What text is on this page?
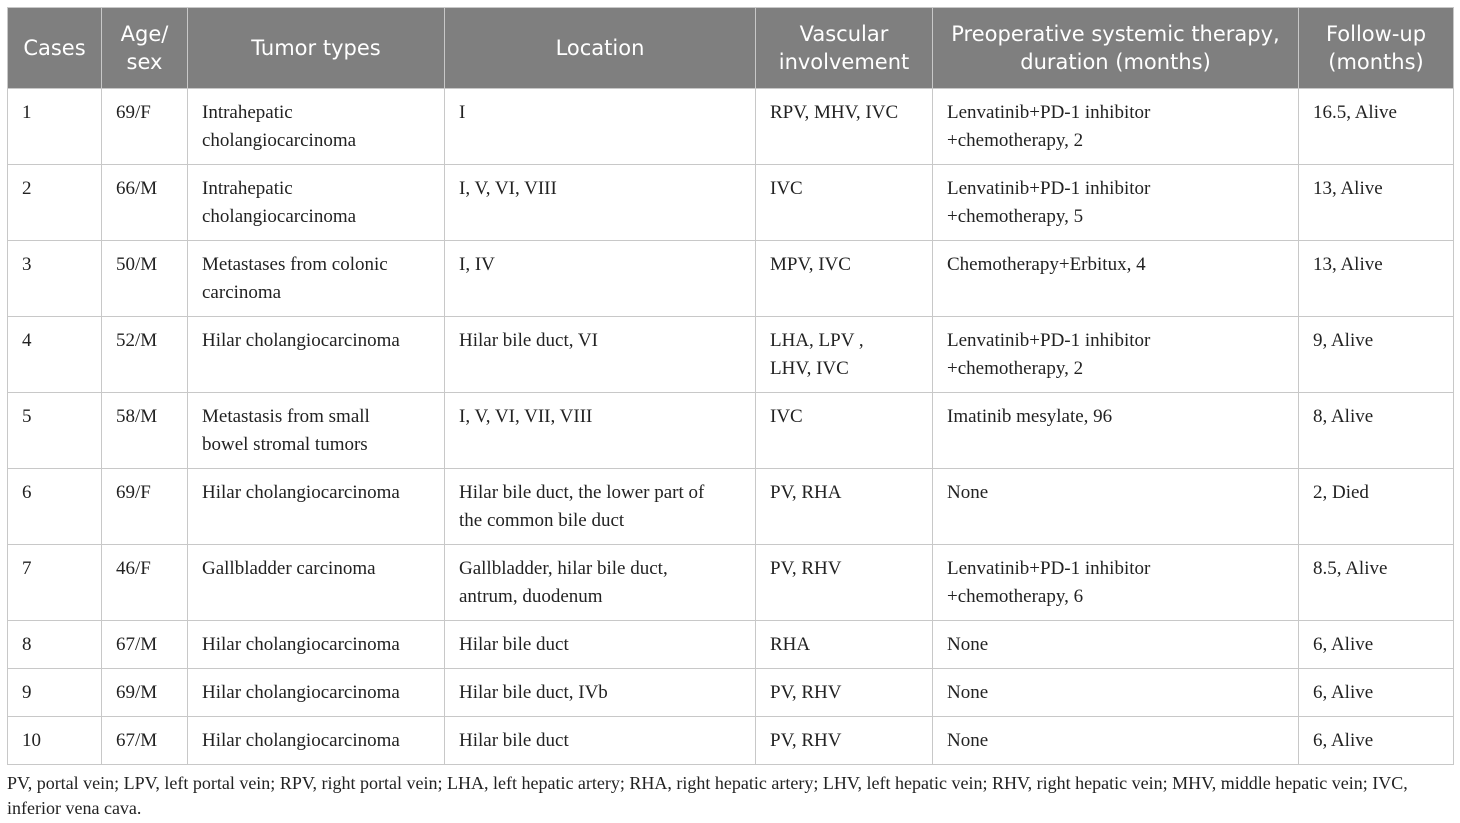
Cases	Age/
sex	Tumor types	Location	Vascular
involvement	Preoperative systemic therapy,
duration (months)	Follow-up
(months)
1	69/F	Intrahepatic
cholangiocarcinoma	I	RPV, MHV, IVC	Lenvatinib+PD-1 inhibitor
+chemotherapy, 2	16.5, Alive
2	66/M	Intrahepatic
cholangiocarcinoma	I, V, VI, VIII	IVC	Lenvatinib+PD-1 inhibitor
+chemotherapy, 5	13, Alive
3	50/M	Metastases from colonic
carcinoma	I, IV	MPV, IVC	Chemotherapy+Erbitux, 4	13, Alive
4	52/M	Hilar cholangiocarcinoma	Hilar bile duct, VI	LHA, LPV ,
LHV, IVC	Lenvatinib+PD-1 inhibitor
+chemotherapy, 2	9, Alive
5	58/M	Metastasis from small
bowel stromal tumors	I, V, VI, VII, VIII	IVC	Imatinib mesylate, 96	8, Alive
6	69/F	Hilar cholangiocarcinoma	Hilar bile duct, the lower part of
the common bile duct	PV, RHA	None	2, Died
7	46/F	Gallbladder carcinoma	Gallbladder, hilar bile duct,
antrum, duodenum	PV, RHV	Lenvatinib+PD-1 inhibitor
+chemotherapy, 6	8.5, Alive
8	67/M	Hilar cholangiocarcinoma	Hilar bile duct	RHA	None	6, Alive
9	69/M	Hilar cholangiocarcinoma	Hilar bile duct, IVb	PV, RHV	None	6, Alive
10	67/M	Hilar cholangiocarcinoma	Hilar bile duct	PV, RHV	None	6, Alive
PV, portal vein; LPV, left portal vein; RPV, right portal vein; LHA, left hepatic artery; RHA, right hepatic artery; LHV, left hepatic vein; RHV, right hepatic vein; MHV, middle hepatic vein; IVC, inferior vena cava.
